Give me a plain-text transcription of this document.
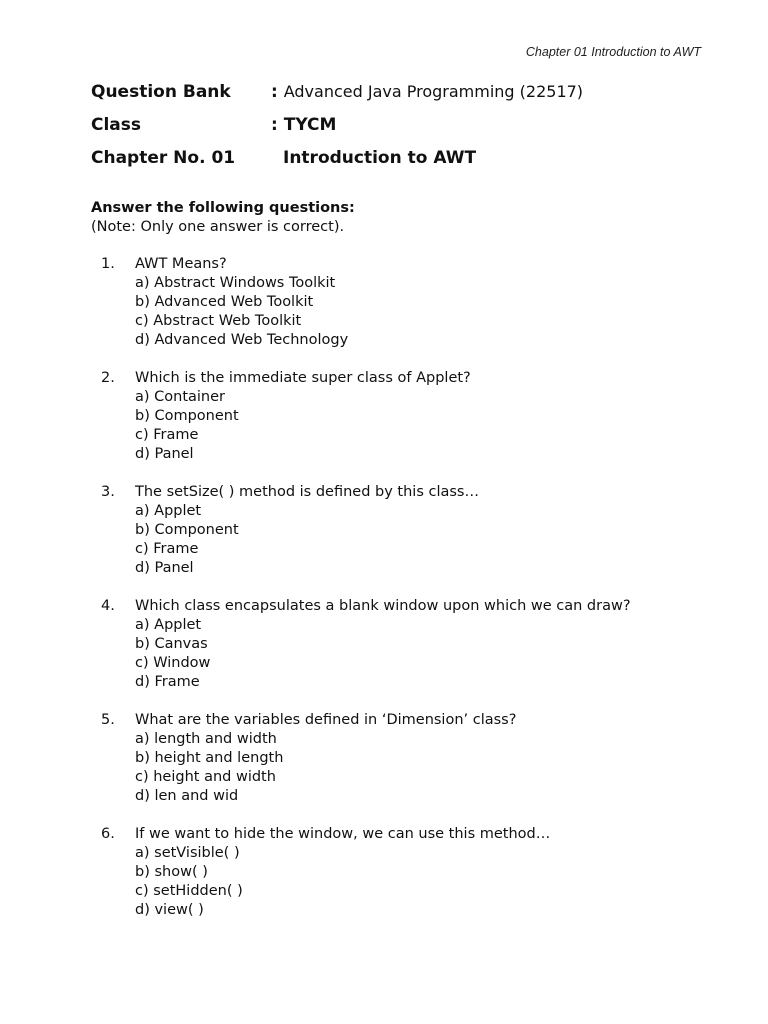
Chapter 01 Introduction to AWT
Question Bank : Advanced Java Programming (22517)
Class	: TYCM
Chapter No. 01	Introduction to AWT
Answer the following questions:
(Note: Only one answer is correct).
1. AWT Means?
a) Abstract Windows Toolkit
b) Advanced Web Toolkit
c) Abstract Web Toolkit
d) Advanced Web Technology
2. Which is the immediate super class of Applet?
a) Container
b) Component
c) Frame
d) Panel
3. The setSize( ) method is defined by this class…
a) Applet
b) Component
c) Frame
d) Panel
4. Which class encapsulates a blank window upon which we can draw?
a) Applet
b) Canvas
c) Window
d) Frame
5. What are the variables defined in ‘Dimension’ class?
a) length and width
b) height and length
c) height and width
d) len and wid
6. If we want to hide the window, we can use this method…
a) setVisible( )
b) show( )
c) setHidden( )
d) view( )
